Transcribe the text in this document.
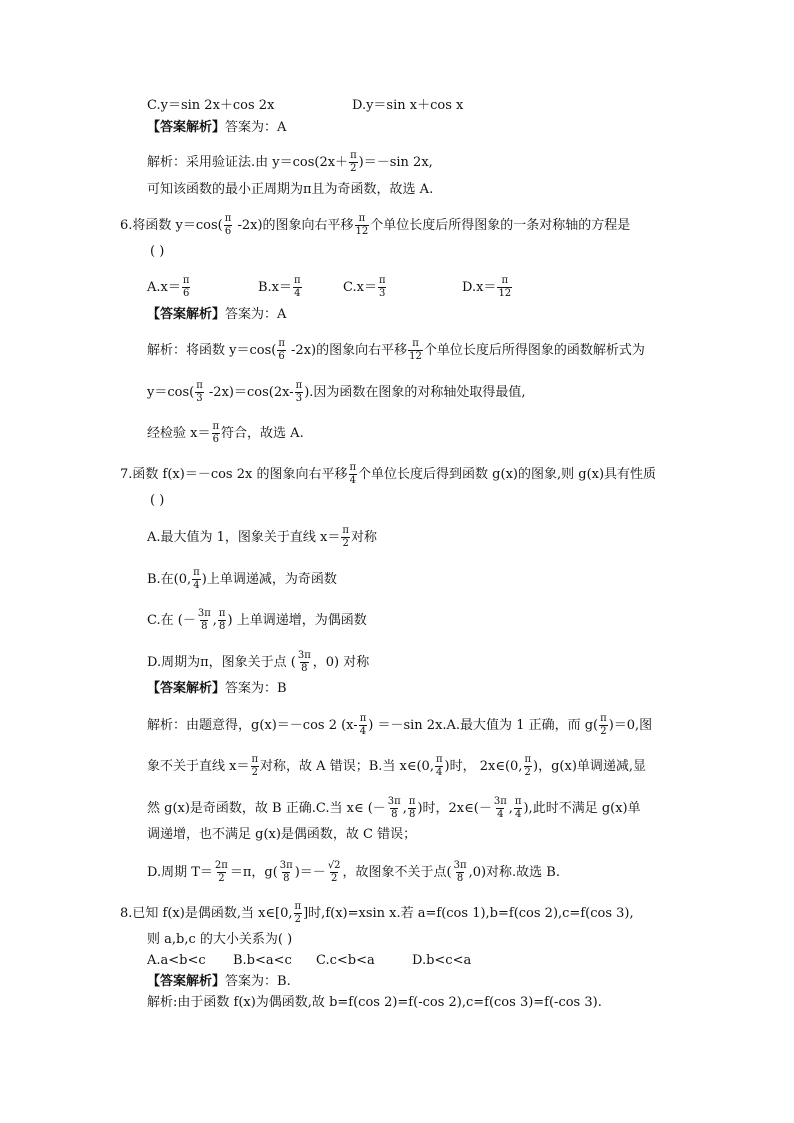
C.y＝sin 2x＋cos 2x	D.y＝sin x＋cos x
【答案解析】答案为：A
解析：采用验证法.由 $y=\cos(2x+ \frac{\pi}{2} )=-\sin$ 2x,
可知该函数的最小正周期为π且为奇函数，故选 A.
6.将函数 $y=\cos( \frac{\pi}{6} -2x)$的图象向右平移 $\frac{\pi}{12}$ 个单位长度后所得图象的一条对称轴的方程是
( )
$A.x= \frac{\pi}{6}$	$B.x= \frac{\pi}{4}$	$C.x= \frac{\pi}{3}$	$D.x= \frac{\pi}{12}$
【答案解析】答案为：A
解析：将函数 $y=\cos( \frac{\pi}{6} -2x)$的图象向右平移 $\frac{\pi}{12}$ 个单位长度后所得图象的函数解析式为
$y=\cos( \frac{\pi}{3} -2x)=\cos(2x- \frac{\pi}{3}$ ).因为函数在图象的对称轴处取得最值,
经检验 $x= \frac{\pi}{6}$ 符合，故选 A.
7.函数 f(x)＝－cos 2x 的图象向右平移 $\frac{\pi}{4}$ 个单位长度后得到函数 g(x)的图象,则 g(x)具有性质
( )
A.最大值为 1，图象关于直线 $x= \frac{\pi}{2}$ 对称
B.在(0, $\frac{\pi}{4}$ )上单调递减，为奇函数
C.在 (－ $\frac{3\pi}{8}$ , $\frac{\pi}{8}$ ) 上单调递增，为偶函数
D.周期为π，图象关于点 ( $\frac{3\pi}{8}$ ，0) 对称
【答案解析】答案为：B
解析：由题意得，g(x)＝－cos 2 ($x- \frac{\pi}{4}$ ) ＝－sin 2x.A.最大值为 1 正确，而 $g( \frac{\pi}{2} )=0$,图
象不关于直线 $x= \frac{\pi}{2}$ 对称，故 A 错误；B.当 x∈(0, $\frac{\pi}{4}$ )时， 2x∈(0, $\frac{\pi}{2}$ )，g(x)单调递减,显
然 g(x)是奇函数，故 B 正确.C.当 x∈ (－ $\frac{3\pi}{8}$ , $\frac{\pi}{8}$ )时，2x∈(－ $\frac{3\pi}{4}$ , $\frac{\pi}{4}$ ),此时不满足 g(x)单
调递增，也不满足 g(x)是偶函数，故 C 错误；
D.周期 $T= \frac{2\pi}{2} =\pi$，$g( \frac{3\pi}{8}$ )＝－ $\frac{√2}{2}$ ，故图象不关于点( $\frac{3\pi}{8} ,0$)对称.故选 B.
8.已知 f(x)是偶函数,当 x∈[0, $\frac{\pi}{2}$ ]时,f(x)=xsin x.若 a=f(cos 1),b=f(cos 2),c=f(cos 3),
则 a,b,c 的大小关系为( )
A.a<b<c B.b<a<c C.c<b<a	D.b<c<a
【答案解析】答案为：B.
解析:由于函数 f(x)为偶函数,故 b=f(cos 2)=f(-cos 2),c=f(cos 3)=f(-cos 3).
